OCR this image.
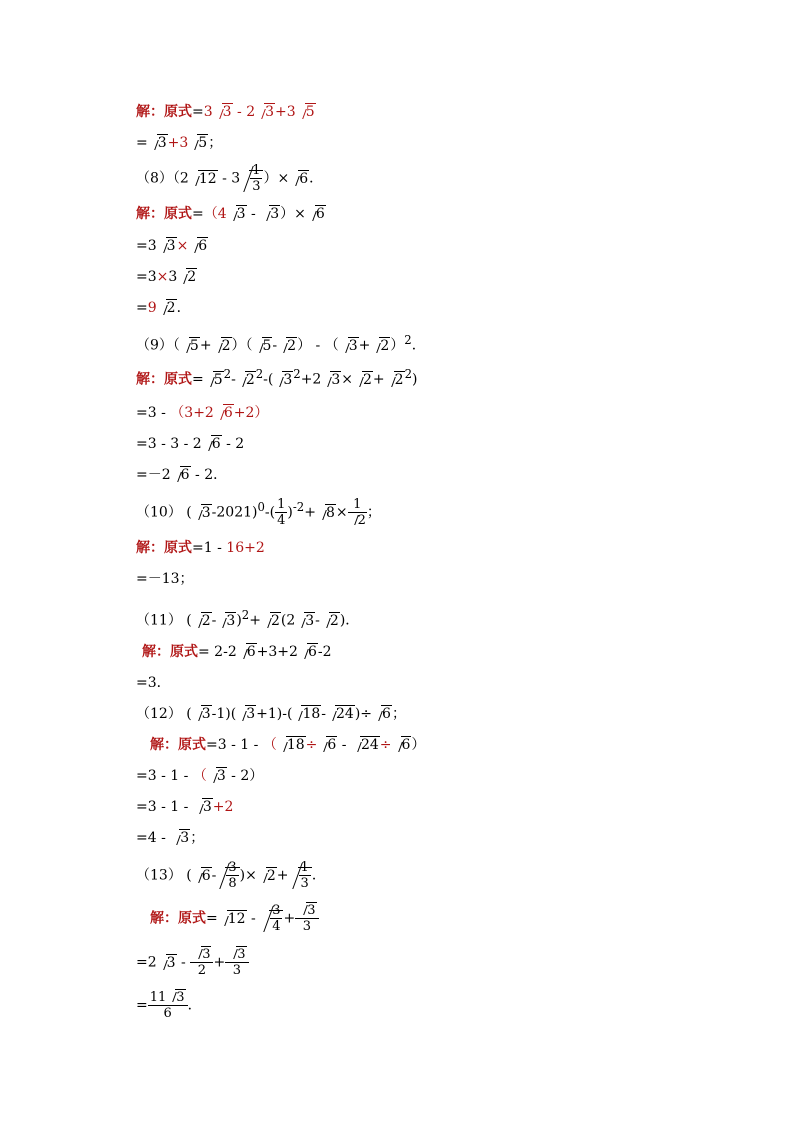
解：原式=3 3 - 2 3+3 5
= 3+3 5；
（8）（2 $12 - 3 \frac{1}{3}$ ）× 6．
解：原式=（4 3 - 3）× 6
=3 3× 6
=3×3 2
=9 2．
（9）（ 5+ 2）（ 5- 2） - （ 3+ 2）$^2$．
解：原式= $5^2-$ $2^2-$( $3^2+2$ $3\times 2+ 2^2$)
=3 - （3+2 6+2）
=3 - 3 - 2 6 - 2
=－2 6 - 2．
（10） ( $3-2021)^0-( \frac{1}{4} )^{-2}+ 8\times \frac{1}{2}$ ；
解：原式=1 - 16+2
=－13；
（11） ( 2- 3)$^2$+ 2(2 3- 2)．
解：原式= 2-2 6+3+2 6-2
=3．
（12） ( 3-1)( 3+1)-( 18- 24)÷ 6；
解：原式=3 - 1 - （ 18÷ 6 - 24÷ 6）
=3 - 1 - （ 3 - 2）
=3 - 1 - 3+2
=4 - 3；
（13） ( $6- \frac{3}{8}$ )× $2+ \frac{1}{3}$ ．
解：原式= $12 - \frac{3}{4} + \frac{3}{3}$
=2 $3 - \frac{3}{2} + \frac{3}{3}$
= $\frac{11 3}{6}$ ．
